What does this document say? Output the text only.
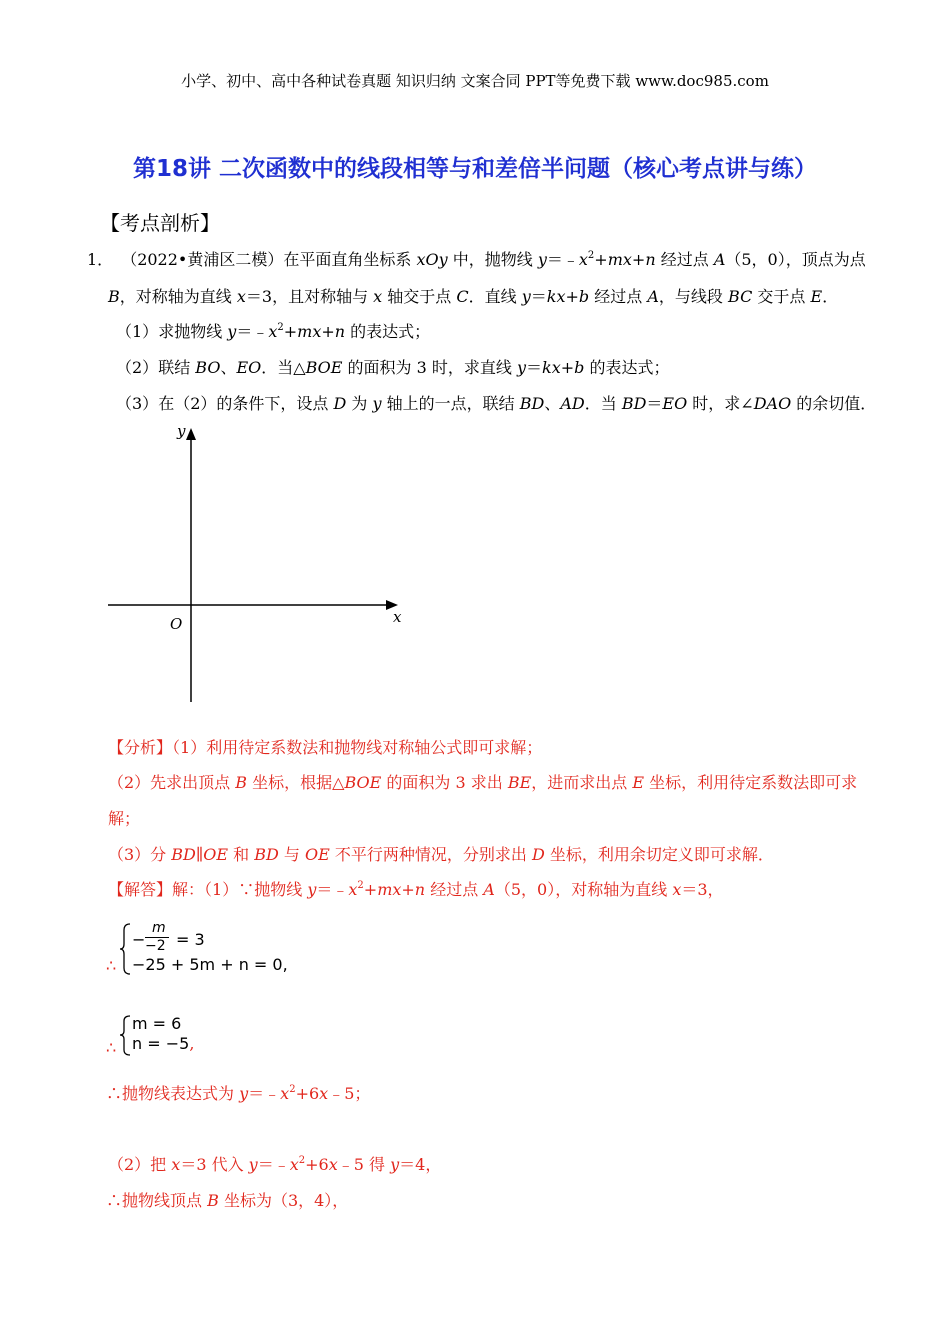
小学、初中、高中各种试卷真题 知识归纳 文案合同 PPT等免费下载 www.doc985.com
第18讲 二次函数中的线段相等与和差倍半问题（核心考点讲与练）
【考点剖析】
1． （2022•黄浦区二模）在平面直角坐标系 xOy 中，抛物线 $y=﹣x^2+mx+n$ 经过点 A（5，0），顶点为点
B，对称轴为直线 x＝3，且对称轴与 x 轴交于点 C．直线 y＝kx+b 经过点 A，与线段 BC 交于点 E．
（1）求抛物线 $y=﹣x^2+mx+n$ 的表达式；
（2）联结 BO、EO．当△BOE 的面积为 3 时，求直线 y＝kx+b 的表达式；
（3）在（2）的条件下，设点 D 为 y 轴上的一点，联结 BD、AD．当 BD＝EO 时，求∠DAO 的余切值．
y
x
O
【分析】（1）利用待定系数法和抛物线对称轴公式即可求解；
（2）先求出顶点 B 坐标，根据△BOE 的面积为 3 求出 BE，进而求出点 E 坐标，利用待定系数法即可求
解；
（3）分 BD∥OE 和 BD 与 OE 不平行两种情况，分别求出 D 坐标，利用余切定义即可求解．
【解答】解：（1）∵抛物线 $y=﹣x^2+mx+n$ 经过点 A（5，0），对称轴为直线 x＝3，
∴
−
m
−2 = 3
−25 + 5m + n = 0,
∴
m = 6
n = −5,
∴抛物线表达式为 $y=﹣x^2+6x﹣5$；
（2）把 x＝3 代入 $y=﹣x^2+6x﹣5$ 得 y＝4，
∴抛物线顶点 B 坐标为（3，4），
